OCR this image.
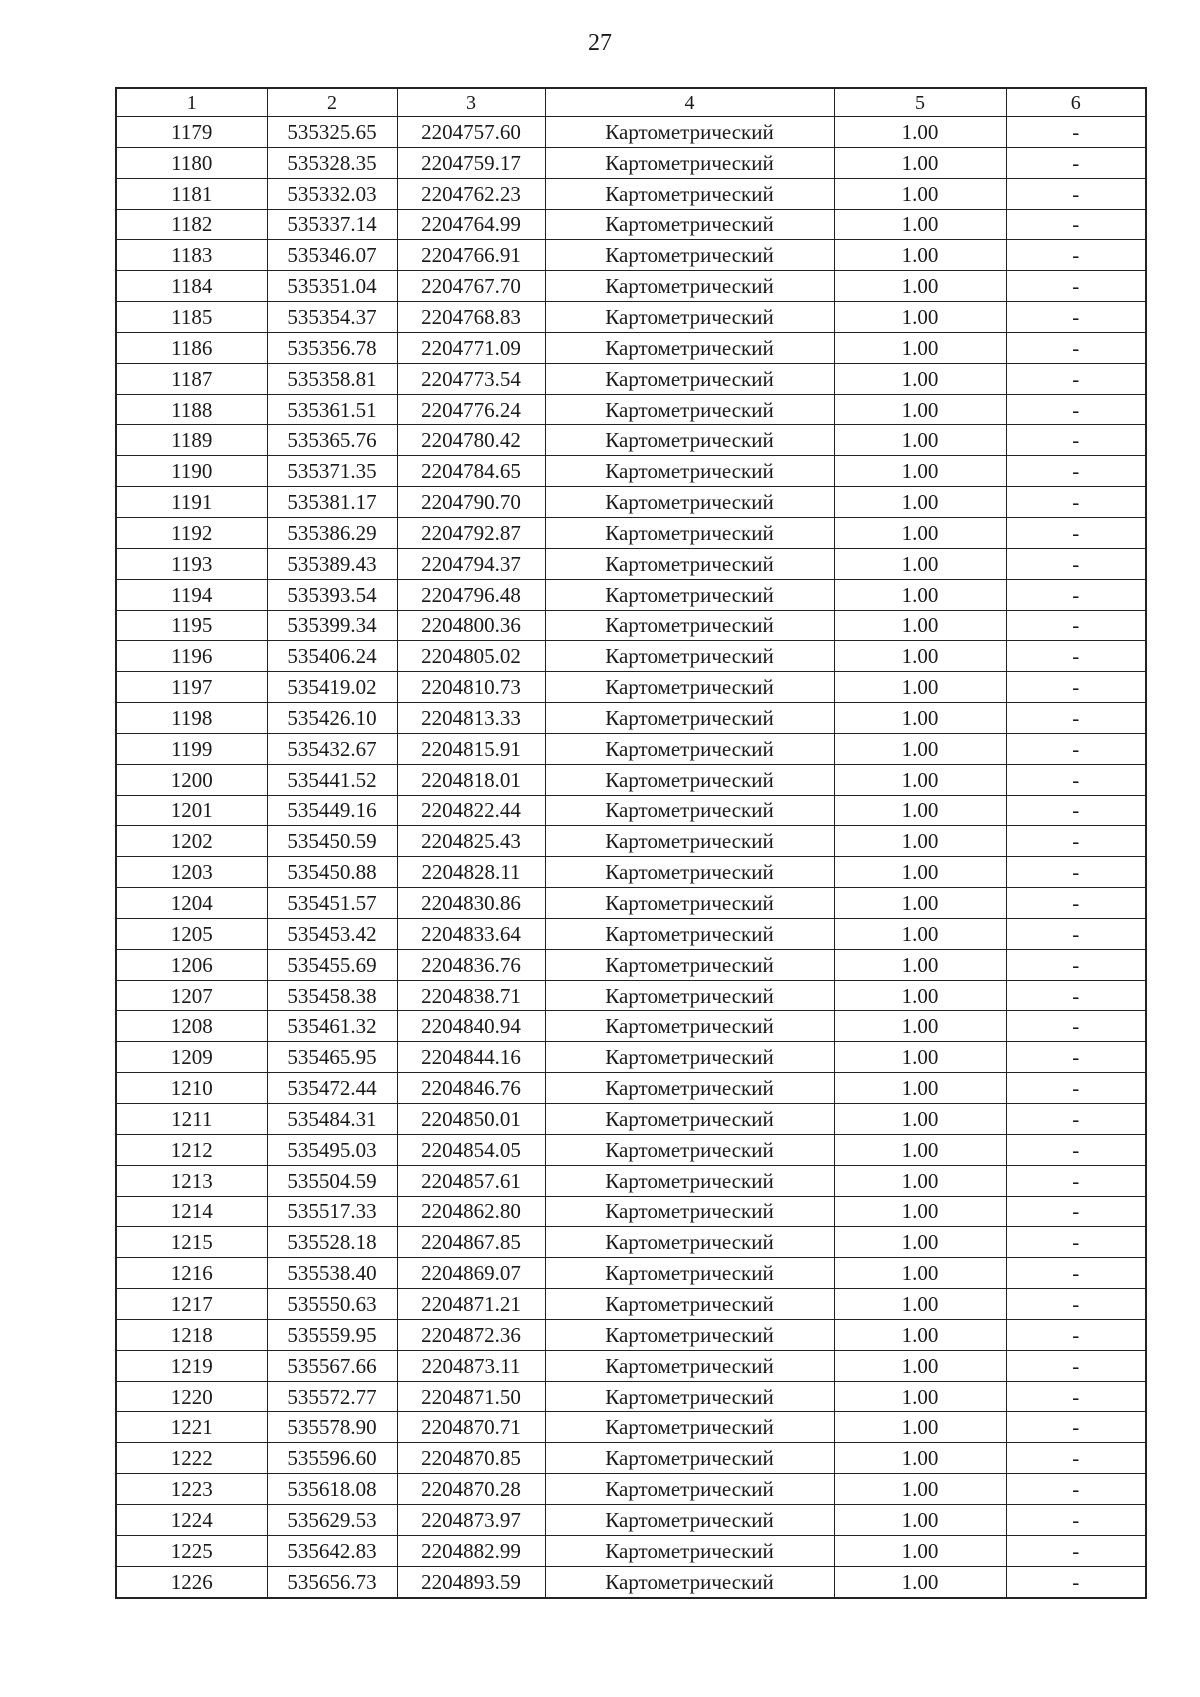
27
1	2	3	4	5	6
1179	535325.65	2204757.60	Картометрический	1.00	-
1180	535328.35	2204759.17	Картометрический	1.00	-
1181	535332.03	2204762.23	Картометрический	1.00	-
1182	535337.14	2204764.99	Картометрический	1.00	-
1183	535346.07	2204766.91	Картометрический	1.00	-
1184	535351.04	2204767.70	Картометрический	1.00	-
1185	535354.37	2204768.83	Картометрический	1.00	-
1186	535356.78	2204771.09	Картометрический	1.00	-
1187	535358.81	2204773.54	Картометрический	1.00	-
1188	535361.51	2204776.24	Картометрический	1.00	-
1189	535365.76	2204780.42	Картометрический	1.00	-
1190	535371.35	2204784.65	Картометрический	1.00	-
1191	535381.17	2204790.70	Картометрический	1.00	-
1192	535386.29	2204792.87	Картометрический	1.00	-
1193	535389.43	2204794.37	Картометрический	1.00	-
1194	535393.54	2204796.48	Картометрический	1.00	-
1195	535399.34	2204800.36	Картометрический	1.00	-
1196	535406.24	2204805.02	Картометрический	1.00	-
1197	535419.02	2204810.73	Картометрический	1.00	-
1198	535426.10	2204813.33	Картометрический	1.00	-
1199	535432.67	2204815.91	Картометрический	1.00	-
1200	535441.52	2204818.01	Картометрический	1.00	-
1201	535449.16	2204822.44	Картометрический	1.00	-
1202	535450.59	2204825.43	Картометрический	1.00	-
1203	535450.88	2204828.11	Картометрический	1.00	-
1204	535451.57	2204830.86	Картометрический	1.00	-
1205	535453.42	2204833.64	Картометрический	1.00	-
1206	535455.69	2204836.76	Картометрический	1.00	-
1207	535458.38	2204838.71	Картометрический	1.00	-
1208	535461.32	2204840.94	Картометрический	1.00	-
1209	535465.95	2204844.16	Картометрический	1.00	-
1210	535472.44	2204846.76	Картометрический	1.00	-
1211	535484.31	2204850.01	Картометрический	1.00	-
1212	535495.03	2204854.05	Картометрический	1.00	-
1213	535504.59	2204857.61	Картометрический	1.00	-
1214	535517.33	2204862.80	Картометрический	1.00	-
1215	535528.18	2204867.85	Картометрический	1.00	-
1216	535538.40	2204869.07	Картометрический	1.00	-
1217	535550.63	2204871.21	Картометрический	1.00	-
1218	535559.95	2204872.36	Картометрический	1.00	-
1219	535567.66	2204873.11	Картометрический	1.00	-
1220	535572.77	2204871.50	Картометрический	1.00	-
1221	535578.90	2204870.71	Картометрический	1.00	-
1222	535596.60	2204870.85	Картометрический	1.00	-
1223	535618.08	2204870.28	Картометрический	1.00	-
1224	535629.53	2204873.97	Картометрический	1.00	-
1225	535642.83	2204882.99	Картометрический	1.00	-
1226	535656.73	2204893.59	Картометрический	1.00	-
